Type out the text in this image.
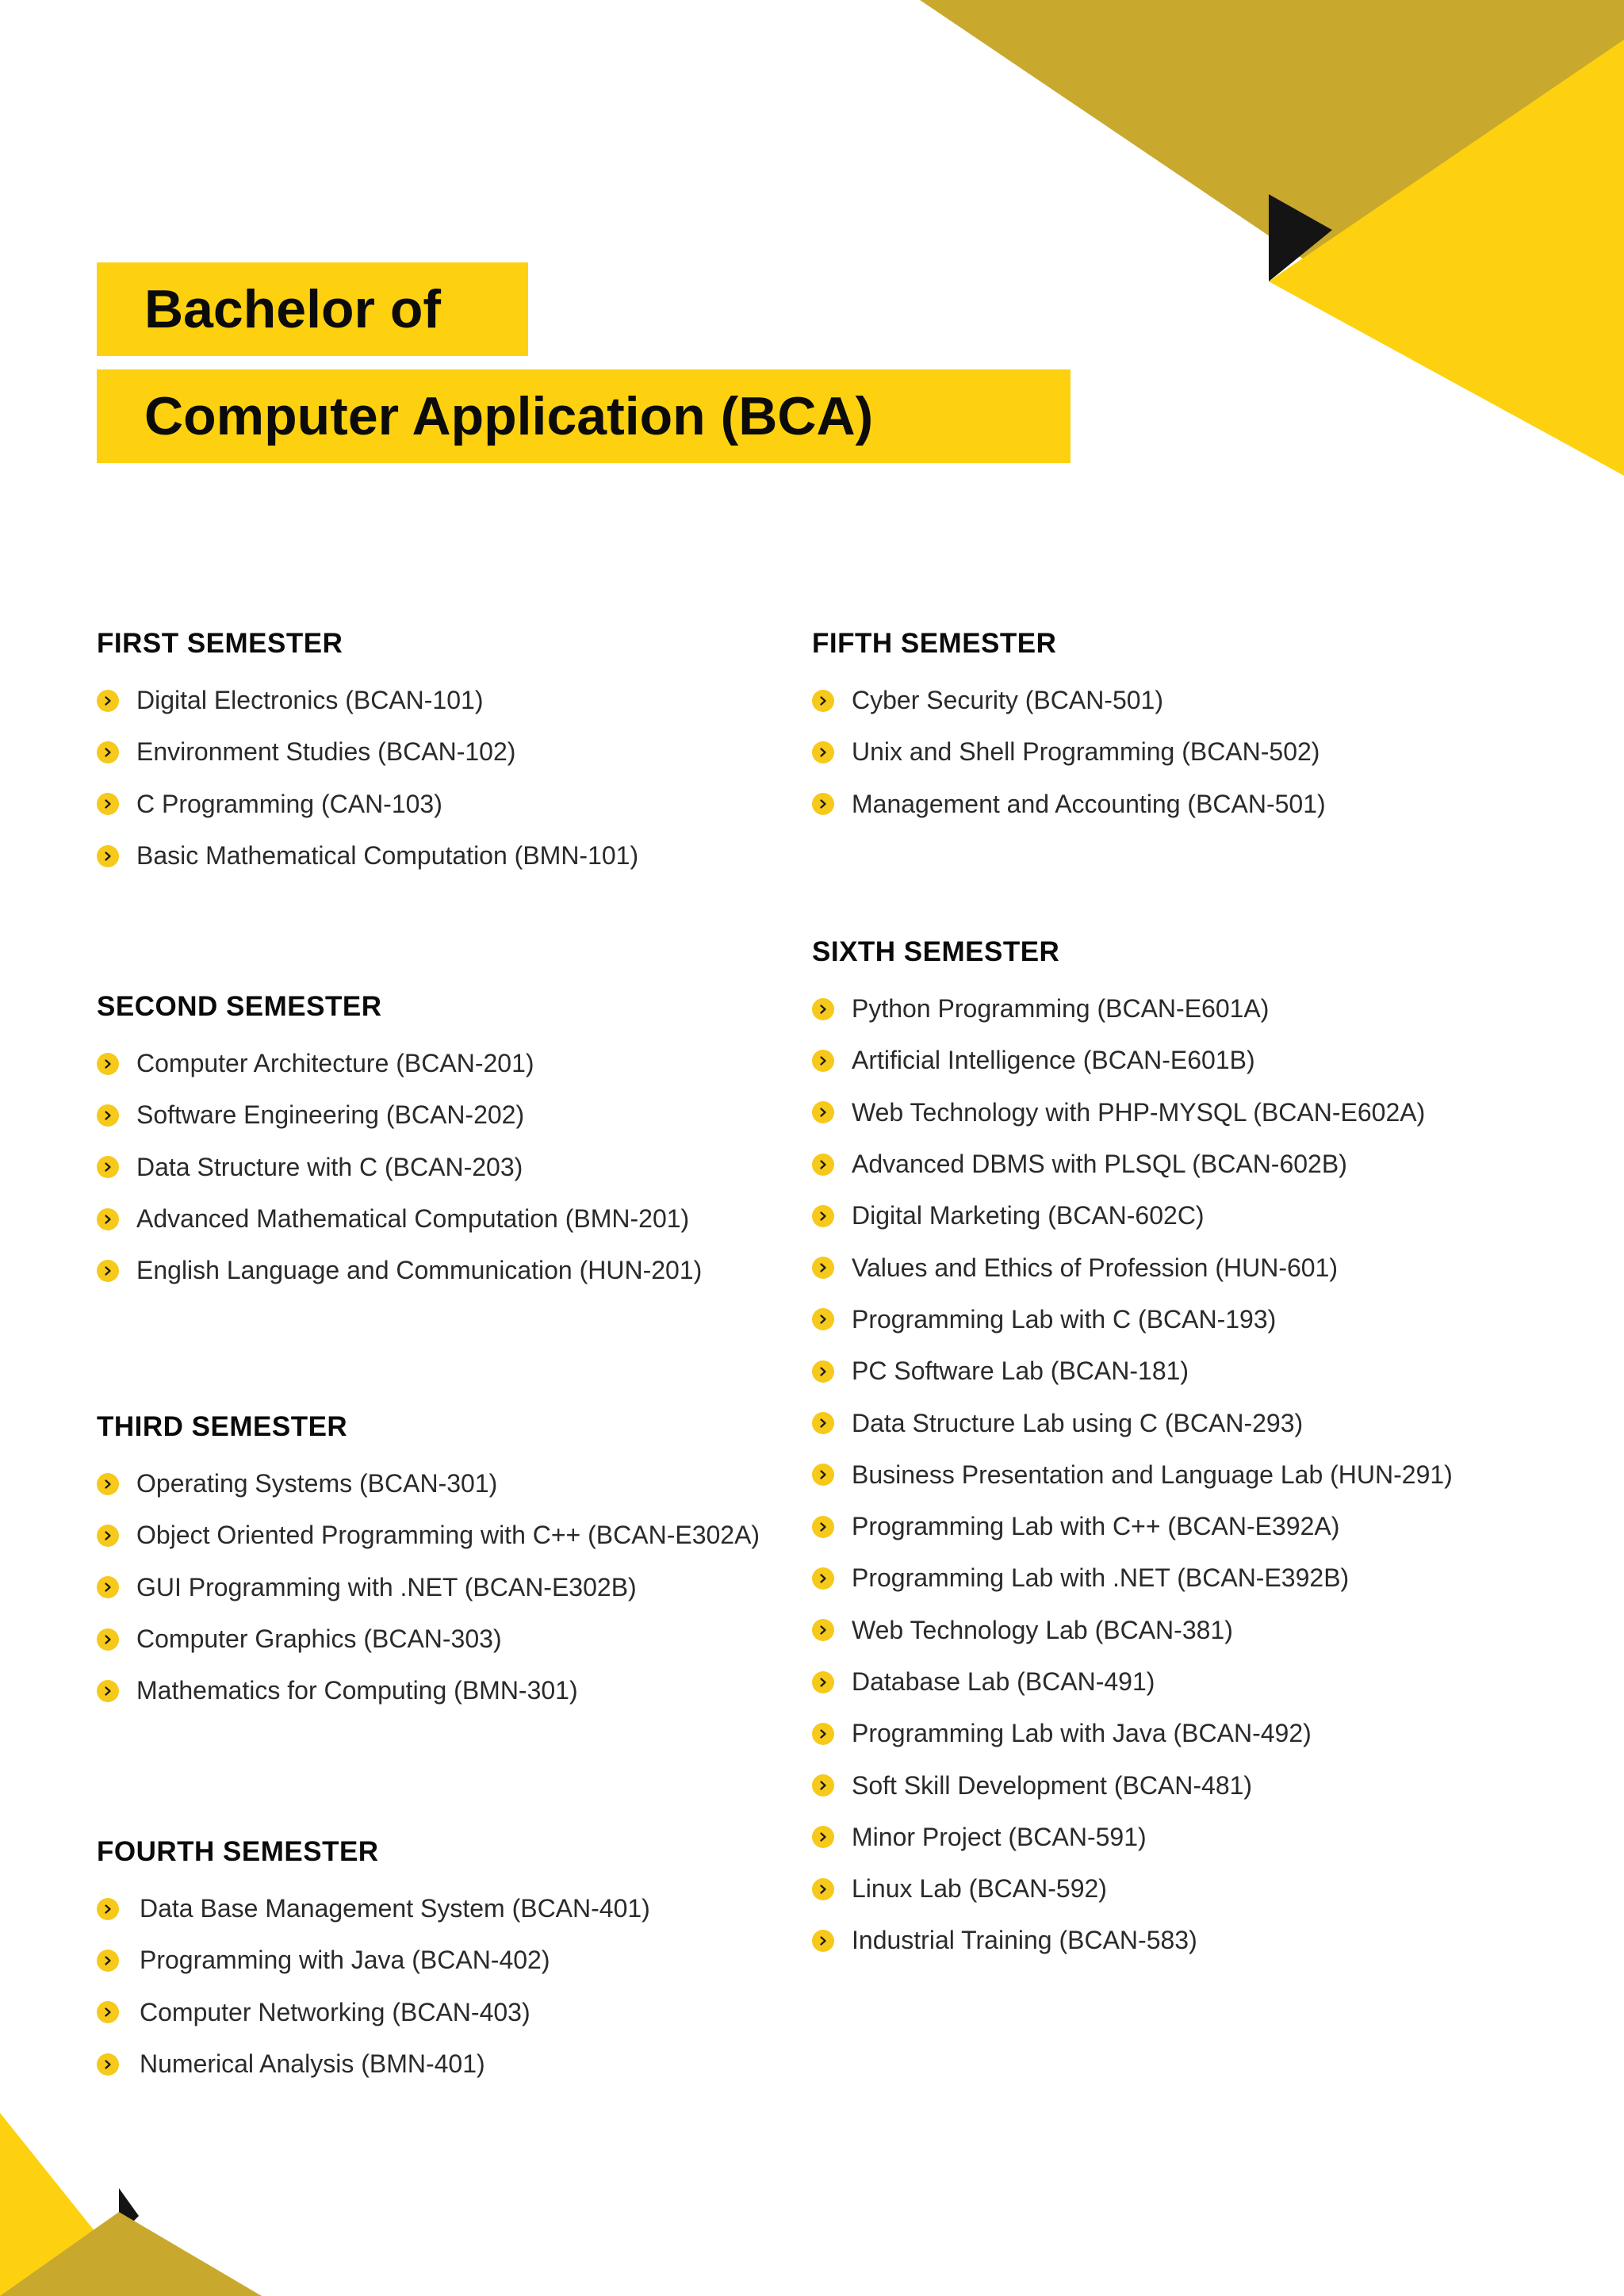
Bachelor of
Computer Application (BCA)
FIRST SEMESTER
Digital Electronics (BCAN-101)
Environment Studies (BCAN-102)
C Programming (CAN-103)
Basic Mathematical Computation (BMN-101)
SECOND SEMESTER
Computer Architecture (BCAN-201)
Software Engineering (BCAN-202)
Data Structure with C (BCAN-203)
Advanced Mathematical Computation (BMN-201)
English Language and Communication (HUN-201)
THIRD SEMESTER
Operating Systems (BCAN-301)
Object Oriented Programming with C++ (BCAN-E302A)
GUI Programming with .NET (BCAN-E302B)
Computer Graphics (BCAN-303)
Mathematics for Computing (BMN-301)
FOURTH SEMESTER
Data Base Management System (BCAN-401)
Programming with Java (BCAN-402)
Computer Networking (BCAN-403)
Numerical Analysis (BMN-401)
FIFTH SEMESTER
Cyber Security (BCAN-501)
Unix and Shell Programming (BCAN-502)
Management and Accounting (BCAN-501)
SIXTH SEMESTER
Python Programming (BCAN-E601A)
Artificial Intelligence (BCAN-E601B)
Web Technology with PHP-MYSQL (BCAN-E602A)
Advanced DBMS with PLSQL (BCAN-602B)
Digital Marketing (BCAN-602C)
Values and Ethics of Profession (HUN-601)
Programming Lab with C (BCAN-193)
PC Software Lab (BCAN-181)
Data Structure Lab using C (BCAN-293)
Business Presentation and Language Lab (HUN-291)
Programming Lab with C++ (BCAN-E392A)
Programming Lab with .NET (BCAN-E392B)
Web Technology Lab (BCAN-381)
Database Lab (BCAN-491)
Programming Lab with Java (BCAN-492)
Soft Skill Development (BCAN-481)
Minor Project (BCAN-591)
Linux Lab (BCAN-592)
Industrial Training (BCAN-583)
